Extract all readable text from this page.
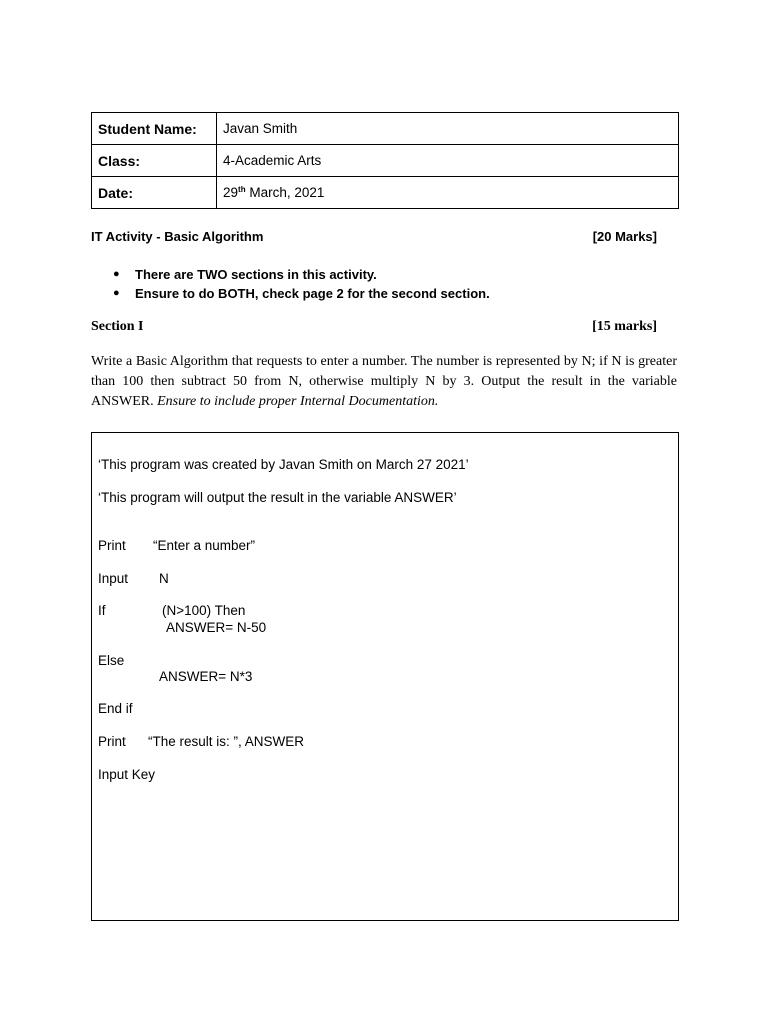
Student Name:	Javan Smith
Class:	4-Academic Arts
Date:	29th March, 2021
IT Activity - Basic Algorithm	[20 Marks]
●	There are TWO sections in this activity.
●	Ensure to do BOTH, check page 2 for the second section.
Section I	[15 marks]

Write a Basic Algorithm that requests to enter a number. The number is represented by N; if N is greater than 100 then subtract 50 from N, otherwise multiply N by 3. Output the result in the variable ANSWER. Ensure to include proper Internal Documentation.

‘This program was created by Javan Smith on March 27 2021’
‘This program will output the result in the variable ANSWER’
Print “Enter a number”
Input N
If	(N>100) Then
ANSWER= N-50
Else
ANSWER= N*3
End if
Print “The result is: ”, ANSWER
Input Key
